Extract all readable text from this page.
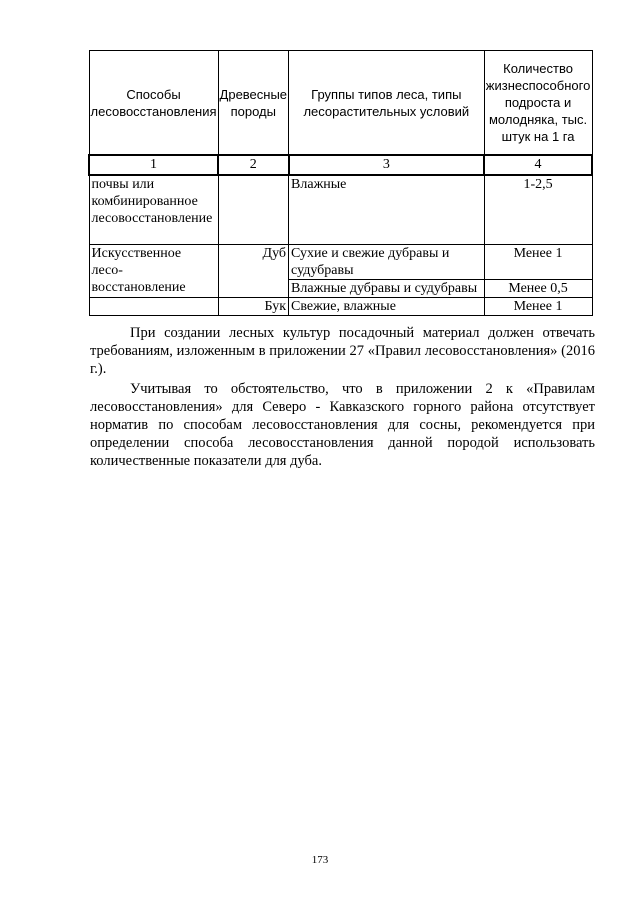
Способы лесовосстановления	Древесные породы	Группы типов леса, типы лесорастительных условий	Количество жизнеспособного подроста и молодняка, тыс. штук на 1 га
1	2	3	4
почвы или комбинированное лесовосстановление		Влажные	1-2,5
Искусственное лесо- восстановление	Дуб	Сухие и свежие дубравы и судубравы	Менее 1
		Влажные дубравы и судубравы	Менее 0,5
	Бук	Свежие, влажные	Менее 1

При создании лесных культур посадочный материал должен отвечать требованиям, изложенным в приложении 27 «Правил лесовосстановления» (2016 г.).

Учитывая то обстоятельство, что в приложении 2 к «Правилам лесовосстановления» для Северо - Кавказского горного района отсутствует норматив по способам лесовосстановления для сосны, рекомендуется при определении способа лесовосстановления данной породой использовать количественные показатели для дуба.

173
